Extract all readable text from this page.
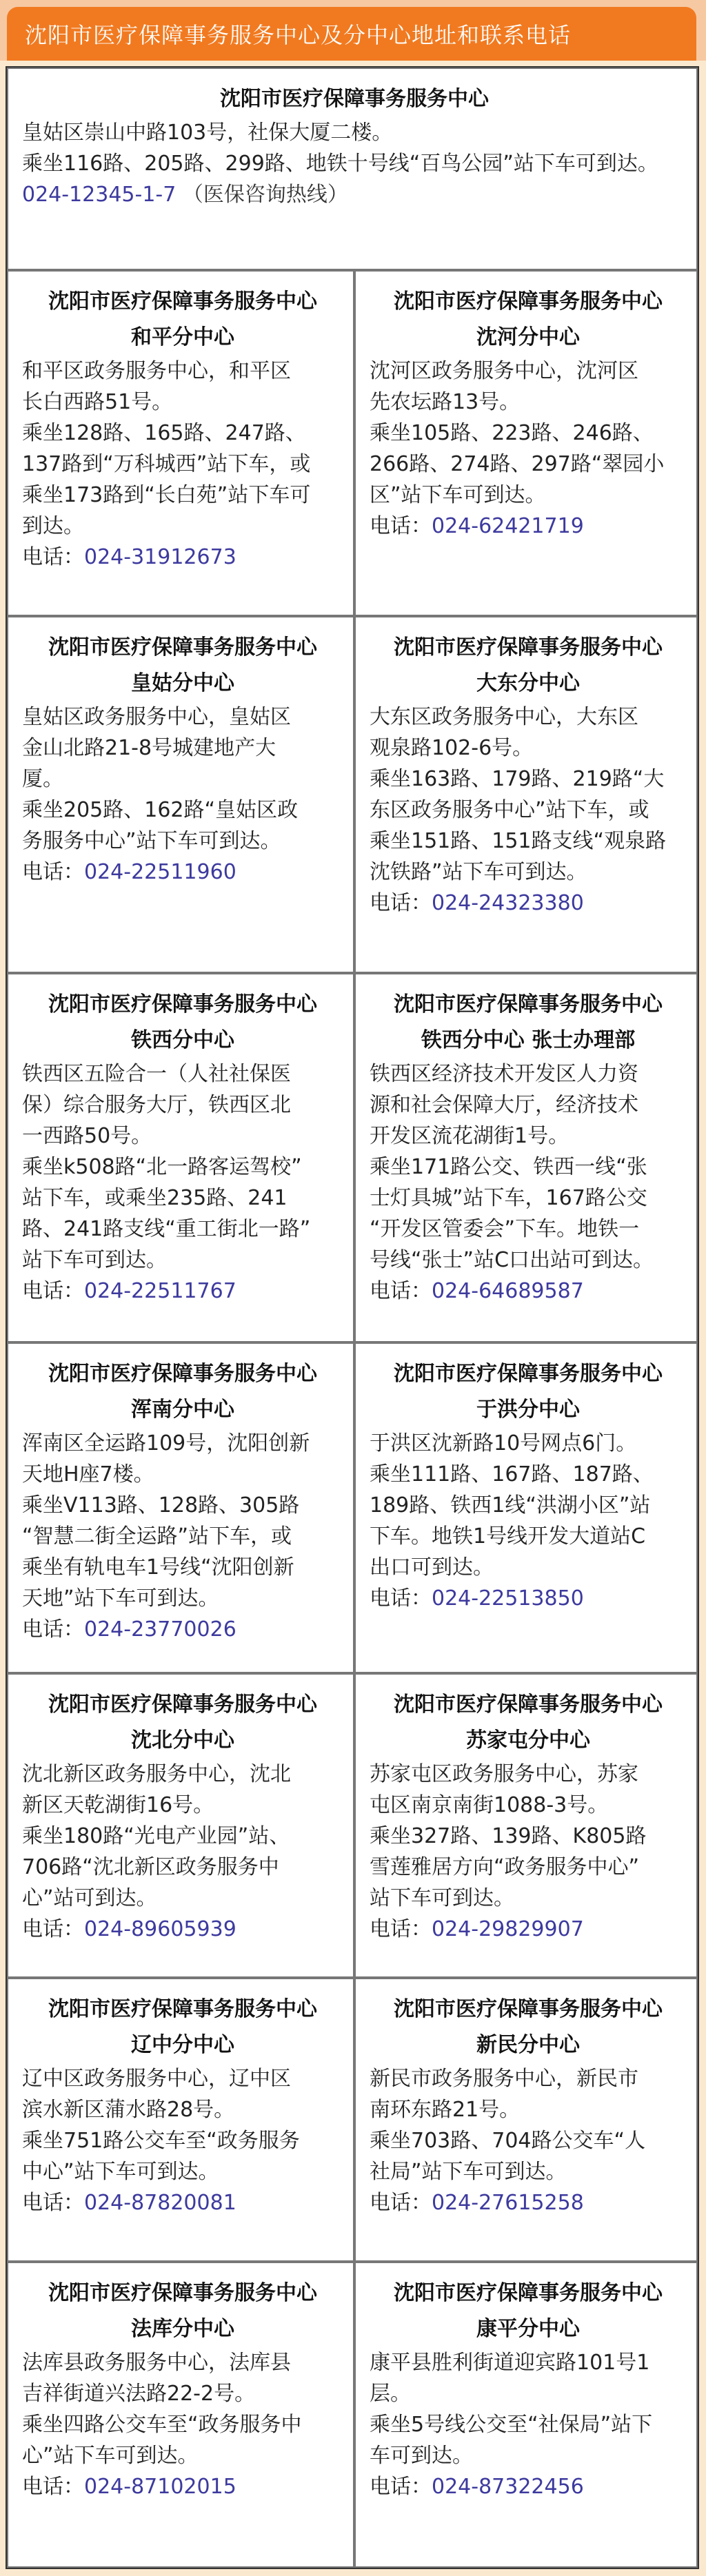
沈阳市医疗保障事务服务中心及分中心地址和联系电话
沈阳市医疗保障事务服务中心
皇姑区崇山中路103号，社保大厦二楼。
乘坐116路、205路、299路、地铁十号线“百鸟公园”站下车可到达。
024-12345-1-7 （医保咨询热线）
沈阳市医疗保障事务服务中心
和平分中心
和平区政务服务中心，和平区
长白西路51号。
乘坐128路、165路、247路、
137路到“万科城西”站下车，或
乘坐173路到“长白苑”站下车可
到达。
电话：024-31912673
沈阳市医疗保障事务服务中心
沈河分中心
沈河区政务服务中心，沈河区
先农坛路13号。
乘坐105路、223路、246路、
266路、274路、297路“翠园小
区”站下车可到达。
电话：024-62421719
沈阳市医疗保障事务服务中心
皇姑分中心
皇姑区政务服务中心，皇姑区
金山北路21-8号城建地产大
厦。
乘坐205路、162路“皇姑区政
务服务中心”站下车可到达。
电话：024-22511960
沈阳市医疗保障事务服务中心
大东分中心
大东区政务服务中心，大东区
观泉路102-6号。
乘坐163路、179路、219路“大
东区政务服务中心”站下车，或
乘坐151路、151路支线“观泉路
沈铁路”站下车可到达。
电话：024-24323380
沈阳市医疗保障事务服务中心
铁西分中心
铁西区五险合一（人社社保医
保）综合服务大厅，铁西区北
一西路50号。
乘坐k508路“北一路客运驾校”
站下车，或乘坐235路、241
路、241路支线“重工街北一路”
站下车可到达。
电话：024-22511767
沈阳市医疗保障事务服务中心
铁西分中心 张士办理部
铁西区经济技术开发区人力资
源和社会保障大厅，经济技术
开发区流花湖街1号。
乘坐171路公交、铁西一线“张
士灯具城”站下车，167路公交
“开发区管委会”下车。地铁一
号线“张士”站C口出站可到达。
电话：024-64689587
沈阳市医疗保障事务服务中心
浑南分中心
浑南区全运路109号，沈阳创新
天地H座7楼。
乘坐V113路、128路、305路
“智慧二街全运路”站下车，或
乘坐有轨电车1号线“沈阳创新
天地”站下车可到达。
电话：024-23770026
沈阳市医疗保障事务服务中心
于洪分中心
于洪区沈新路10号网点6门。
乘坐111路、167路、187路、
189路、铁西1线“洪湖小区”站
下车。地铁1号线开发大道站C
出口可到达。
电话：024-22513850
沈阳市医疗保障事务服务中心
沈北分中心
沈北新区政务服务中心，沈北
新区天乾湖街16号。
乘坐180路“光电产业园”站、
706路“沈北新区政务服务中
心”站可到达。
电话：024-89605939
沈阳市医疗保障事务服务中心
苏家屯分中心
苏家屯区政务服务中心，苏家
屯区南京南街1088-3号。
乘坐327路、139路、K805路
雪莲雅居方向“政务服务中心”
站下车可到达。
电话：024-29829907
沈阳市医疗保障事务服务中心
辽中分中心
辽中区政务服务中心，辽中区
滨水新区蒲水路28号。
乘坐751路公交车至“政务服务
中心”站下车可到达。
电话：024-87820081
沈阳市医疗保障事务服务中心
新民分中心
新民市政务服务中心，新民市
南环东路21号。
乘坐703路、704路公交车“人
社局”站下车可到达。
电话：024-27615258
沈阳市医疗保障事务服务中心
法库分中心
法库县政务服务中心，法库县
吉祥街道兴法路22-2号。
乘坐四路公交车至“政务服务中
心”站下车可到达。
电话：024-87102015
沈阳市医疗保障事务服务中心
康平分中心
康平县胜利街道迎宾路101号1
层。
乘坐5号线公交至“社保局”站下
车可到达。
电话：024-87322456
